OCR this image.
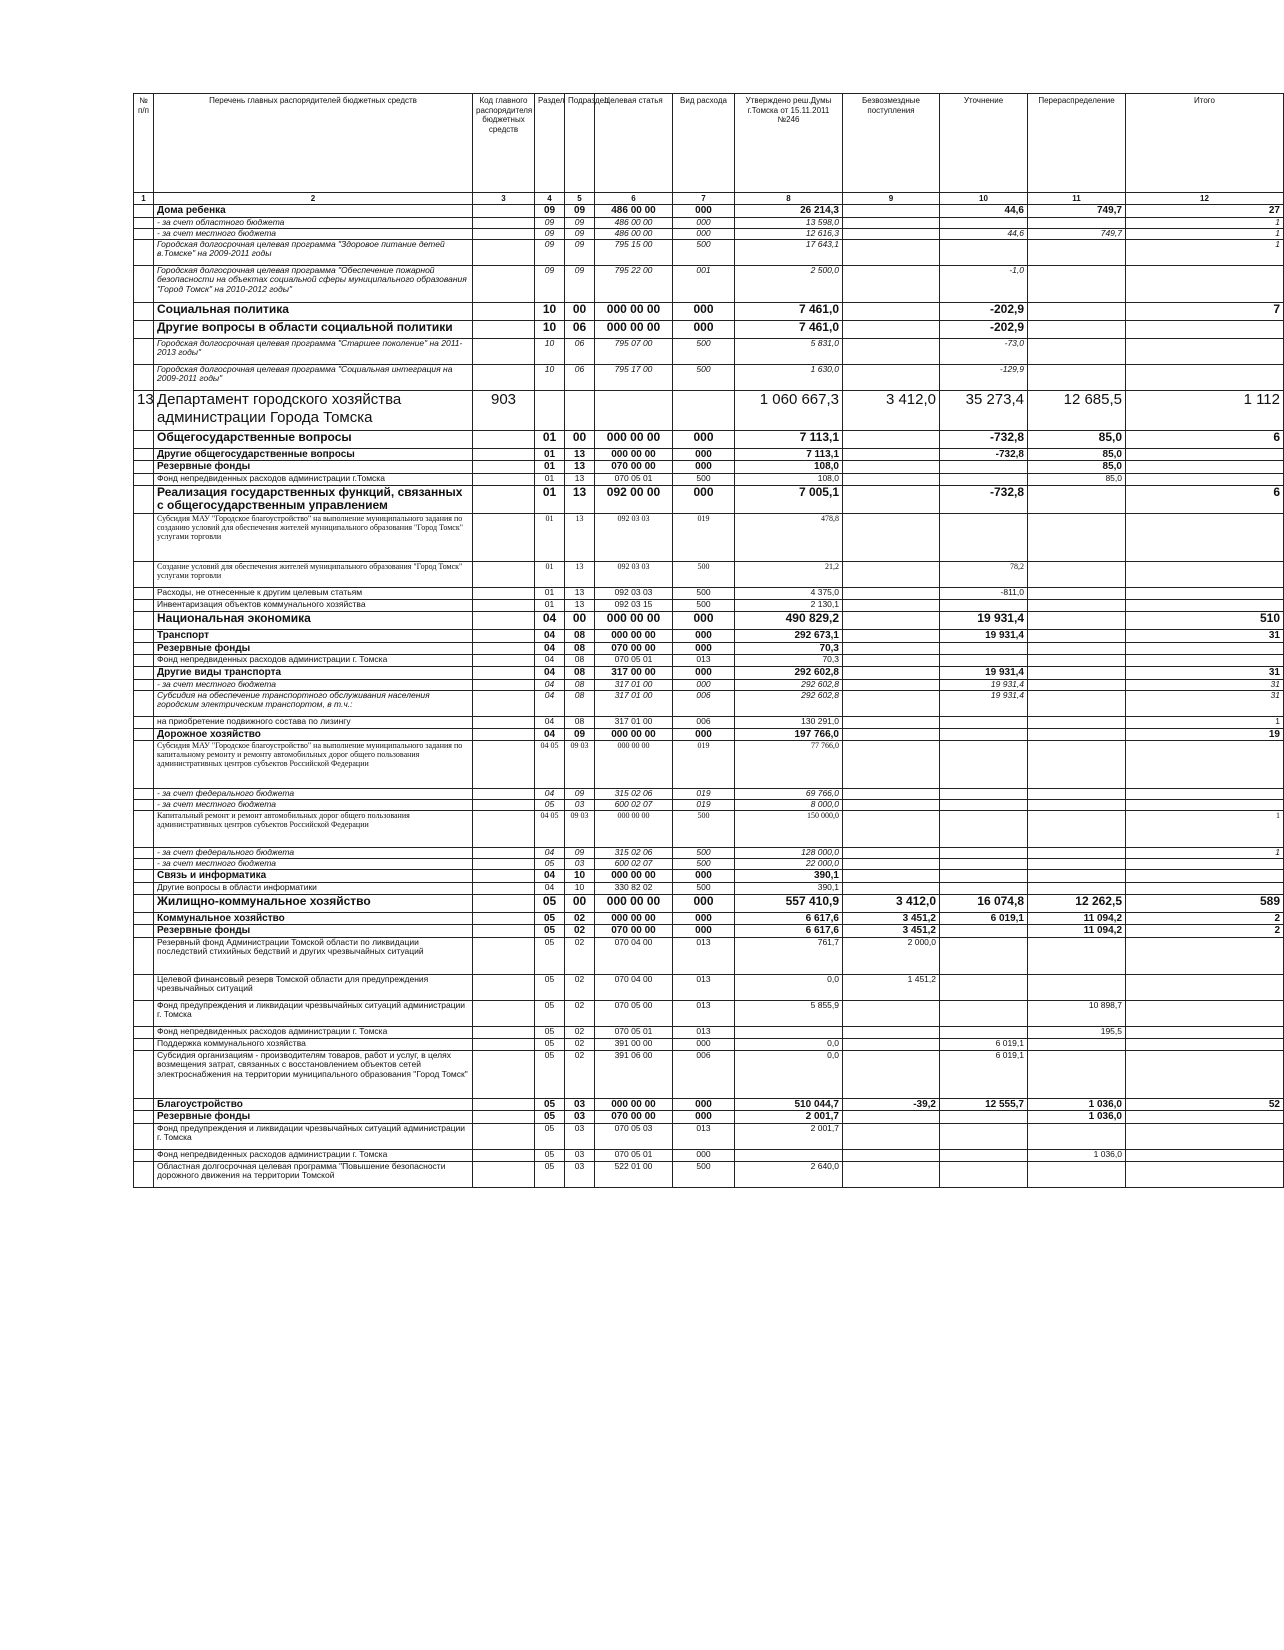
№ п/п	Перечень главных распорядителей бюджетных средств	Код главного распорядителя бюджетных средств	Раздел	Подраздел	Целевая статья	Вид расхода	Утверждено реш.Думы г.Томска от 15.11.2011 №246	Безвозмездные поступления	Уточнение	Перераспределение	Итого
1	2	3	4	5	6	7	8	9	10	11	12
	Дома ребенка		09	09	486 00 00	000	26 214,3		44,6	749,7	27
	- за счет областного бюджета		09	09	486 00 00	000	13 598,0				1
	- за счет местного бюджета		09	09	486 00 00	000	12 616,3		44,6	749,7	1
	Городская долгосрочная целевая программа "Здоровое питание детей в.Томске" на 2009-2011 годы		09	09	795 15 00	500	17 643,1				1
	Городская долгосрочная целевая программа "Обеспечение пожарной безопасности на объектах социальной сферы муниципального образования "Город Томск" на 2010-2012 годы"		09	09	795 22 00	001	2 500,0		-1,0		
	Социальная политика		10	00	000 00 00	000	7 461,0		-202,9		7
	Другие вопросы в области социальной политики		10	06	000 00 00	000	7 461,0		-202,9		
	Городская долгосрочная целевая программа "Старшее поколение" на 2011-2013 годы"		10	06	795 07 00	500	5 831,0		-73,0		
	Городская долгосрочная целевая программа "Социальная интеграция на 2009-2011 годы"		10	06	795 17 00	500	1 630,0		-129,9		
13	Департамент городского хозяйства администрации Города Томска	903					1 060 667,3	3 412,0	35 273,4	12 685,5	1 112
	Общегосударственные вопросы		01	00	000 00 00	000	7 113,1		-732,8	85,0	6
	Другие общегосударственные вопросы		01	13	000 00 00	000	7 113,1		-732,8	85,0	
	Резервные фонды		01	13	070 00 00	000	108,0			85,0	
	Фонд непредвиденных расходов администрации г.Томска		01	13	070 05 01	500	108,0			85,0	
	Реализация государственных функций, связанных с общегосударственным управлением		01	13	092 00 00	000	7 005,1		-732,8		6
	Субсидия МАУ "Городское благоустройство" на выполнение муниципального задания по созданию условий для обеспечения жителей муниципального образования "Город Томск" услугами торговли		01	13	092 03 03	019	478,8				
	Создание условий для обеспечения жителей муниципального образования "Город Томск" услугами торговли		01	13	092 03 03	500	21,2		78,2		
	Расходы, не отнесенные к другим целевым статьям		01	13	092 03 03	500	4 375,0		-811,0		
	Инвентаризация объектов коммунального хозяйства		01	13	092 03 15	500	2 130,1				
	Национальная экономика		04	00	000 00 00	000	490 829,2		19 931,4		510
	Транспорт		04	08	000 00 00	000	292 673,1		19 931,4		31
	Резервные фонды		04	08	070 00 00	000	70,3				
	Фонд непредвиденных расходов администрации г. Томска		04	08	070 05 01	013	70,3				
	Другие виды транспорта		04	08	317 00 00	000	292 602,8		19 931,4		31
	- за счет местного бюджета		04	08	317 01 00	000	292 602,8		19 931,4		31
	Субсидия на обеспечение транспортного обслуживания населения городским электрическим транспортом, в т.ч.:		04	08	317 01 00	006	292 602,8		19 931,4		31
	на приобретение подвижного состава по лизингу		04	08	317 01 00	006	130 291,0				1
	Дорожное хозяйство		04	09	000 00 00	000	197 766,0				19
	Субсидия МАУ "Городское благоустройство" на выполнение муниципального задания по капитальному ремонту и ремонту автомобильных дорог общего пользования административных центров субъектов Российской Федерации		04 05	09 03	000 00 00	019	77 766,0				
	- за счет федерального бюджета		04	09	315 02 06	019	69 766,0				
	- за счет местного бюджета		05	03	600 02 07	019	8 000,0				
	Капитальный ремонт и ремонт автомобильных дорог общего пользования административных центров субъектов Российской Федерации		04 05	09 03	000 00 00	500	150 000,0				1
	- за счет федерального бюджета		04	09	315 02 06	500	128 000,0				1
	- за счет местного бюджета		05	03	600 02 07	500	22 000,0				
	Связь и информатика		04	10	000 00 00	000	390,1				
	Другие вопросы в области информатики		04	10	330 82 02	500	390,1				
	Жилищно-коммунальное хозяйство		05	00	000 00 00	000	557 410,9	3 412,0	16 074,8	12 262,5	589
	Коммунальное хозяйство		05	02	000 00 00	000	6 617,6	3 451,2	6 019,1	11 094,2	2
	Резервные фонды		05	02	070 00 00	000	6 617,6	3 451,2		11 094,2	2
	Резервный фонд Администрации Томской области по ликвидации последствий стихийных бедствий и других чрезвычайных ситуаций		05	02	070 04 00	013	761,7	2 000,0			
	Целевой финансовый резерв Томской области для предупреждения чрезвычайных ситуаций		05	02	070 04 00	013	0,0	1 451,2			
	Фонд предупреждения и ликвидации чрезвычайных ситуаций администрации г. Томска		05	02	070 05 00	013	5 855,9			10 898,7	
	Фонд непредвиденных расходов администрации г. Томска		05	02	070 05 01	013				195,5	
	Поддержка коммунального хозяйства		05	02	391 00 00	000	0,0		6 019,1		
	Субсидия организациям - производителям товаров, работ и услуг, в целях возмещения затрат, связанных с восстановлением объектов сетей электроснабжения на территории муниципального образования "Город Томск"		05	02	391 06 00	006	0,0		6 019,1		
	Благоустройство		05	03	000 00 00	000	510 044,7	-39,2	12 555,7	1 036,0	52
	Резервные фонды		05	03	070 00 00	000	2 001,7			1 036,0	
	Фонд предупреждения и ликвидации чрезвычайных ситуаций администрации г. Томска		05	03	070 05 03	013	2 001,7				
	Фонд непредвиденных расходов администрации г. Томска		05	03	070 05 01	000				1 036,0	
	Областная долгосрочная целевая программа "Повышение безопасности дорожного движения на территории Томской		05	03	522 01 00	500	2 640,0				
